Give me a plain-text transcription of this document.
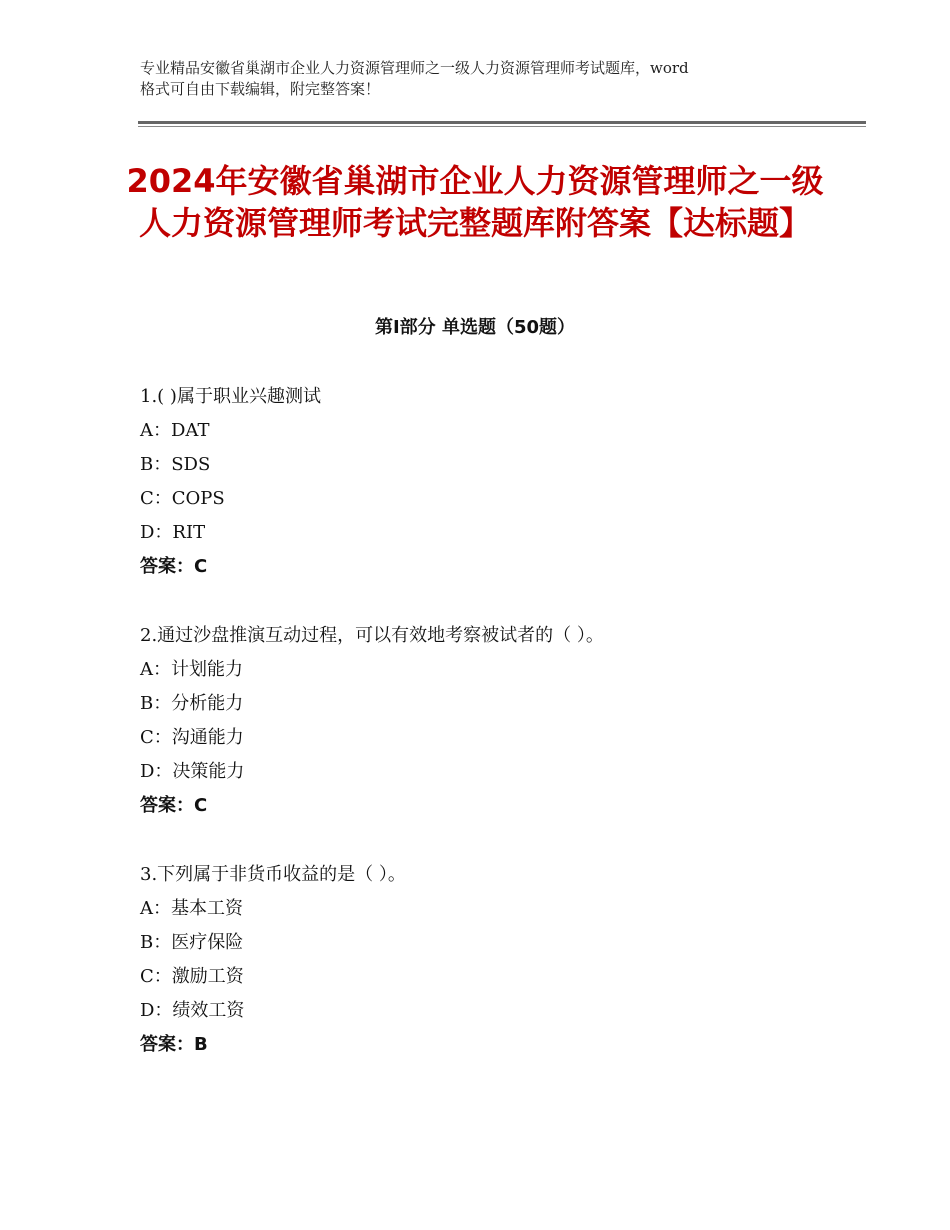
专业精品安徽省巢湖市企业人力资源管理师之一级人力资源管理师考试题库，word
格式可自由下载编辑，附完整答案！
2024年安徽省巢湖市企业人力资源管理师之一级人力资源管理师考试完整题库附答案【达标题】
第Ⅰ部分 单选题（50题）
1.( )属于职业兴趣测试
A：DAT
B：SDS
C：COPS
D：RIT
答案：C
2.通过沙盘推演互动过程，可以有效地考察被试者的（ ）。
A：计划能力
B：分析能力
C：沟通能力
D：决策能力
答案：C
3.下列属于非货币收益的是（ ）。
A：基本工资
B：医疗保险
C：激励工资
D：绩效工资
答案：B
